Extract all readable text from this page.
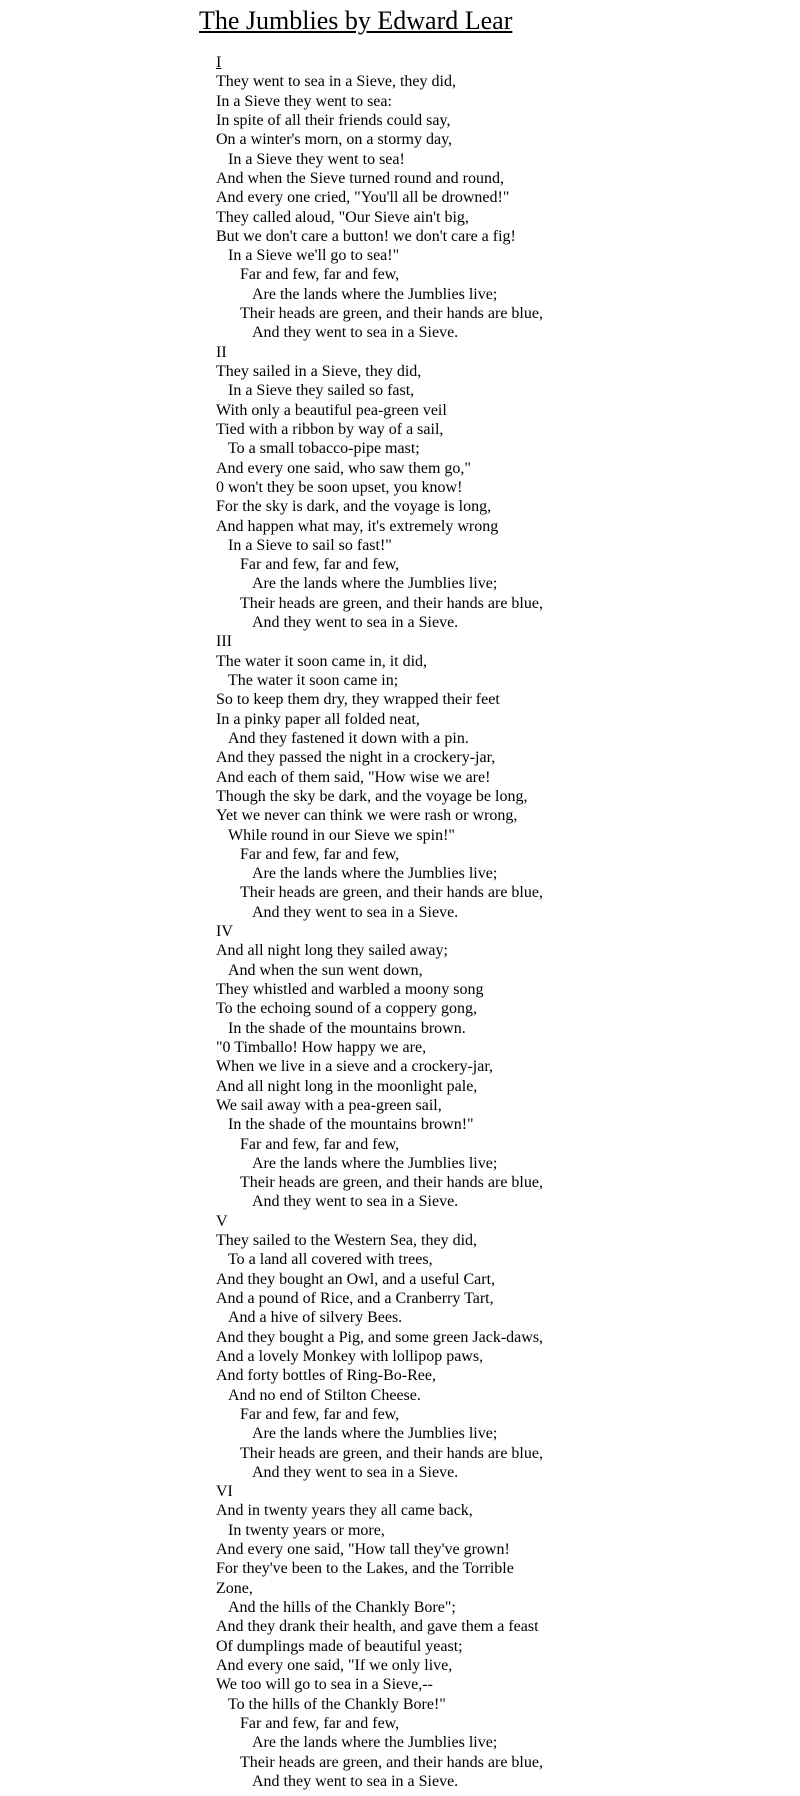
The Jumblies by Edward Lear
I
They went to sea in a Sieve, they did,
In a Sieve they went to sea:
In spite of all their friends could say,
On a winter's morn, on a stormy day,
In a Sieve they went to sea!
And when the Sieve turned round and round,
And every one cried, "You'll all be drowned!"
They called aloud, "Our Sieve ain't big,
But we don't care a button! we don't care a fig!
In a Sieve we'll go to sea!"
Far and few, far and few,
Are the lands where the Jumblies live;
Their heads are green, and their hands are blue,
And they went to sea in a Sieve.
II
They sailed in a Sieve, they did,
In a Sieve they sailed so fast,
With only a beautiful pea-green veil
Tied with a ribbon by way of a sail,
To a small tobacco-pipe mast;
And every one said, who saw them go,"
0 won't they be soon upset, you know!
For the sky is dark, and the voyage is long,
And happen what may, it's extremely wrong
In a Sieve to sail so fast!"
Far and few, far and few,
Are the lands where the Jumblies live;
Their heads are green, and their hands are blue,
And they went to sea in a Sieve.
III
The water it soon came in, it did,
The water it soon came in;
So to keep them dry, they wrapped their feet
In a pinky paper all folded neat,
And they fastened it down with a pin.
And they passed the night in a crockery-jar,
And each of them said, "How wise we are!
Though the sky be dark, and the voyage be long,
Yet we never can think we were rash or wrong,
While round in our Sieve we spin!"
Far and few, far and few,
Are the lands where the Jumblies live;
Their heads are green, and their hands are blue,
And they went to sea in a Sieve.
IV
And all night long they sailed away;
And when the sun went down,
They whistled and warbled a moony song
To the echoing sound of a coppery gong,
In the shade of the mountains brown.
"0 Timballo! How happy we are,
When we live in a sieve and a crockery-jar,
And all night long in the moonlight pale,
We sail away with a pea-green sail,
In the shade of the mountains brown!"
Far and few, far and few,
Are the lands where the Jumblies live;
Their heads are green, and their hands are blue,
And they went to sea in a Sieve.
V
They sailed to the Western Sea, they did,
To a land all covered with trees,
And they bought an Owl, and a useful Cart,
And a pound of Rice, and a Cranberry Tart,
And a hive of silvery Bees.
And they bought a Pig, and some green Jack-daws,
And a lovely Monkey with lollipop paws,
And forty bottles of Ring-Bo-Ree,
And no end of Stilton Cheese.
Far and few, far and few,
Are the lands where the Jumblies live;
Their heads are green, and their hands are blue,
And they went to sea in a Sieve.
VI
And in twenty years they all came back,
In twenty years or more,
And every one said, "How tall they've grown!
For they've been to the Lakes, and the Torrible
Zone,
And the hills of the Chankly Bore";
And they drank their health, and gave them a feast
Of dumplings made of beautiful yeast;
And every one said, "If we only live,
We too will go to sea in a Sieve,--
To the hills of the Chankly Bore!"
Far and few, far and few,
Are the lands where the Jumblies live;
Their heads are green, and their hands are blue,
And they went to sea in a Sieve.
